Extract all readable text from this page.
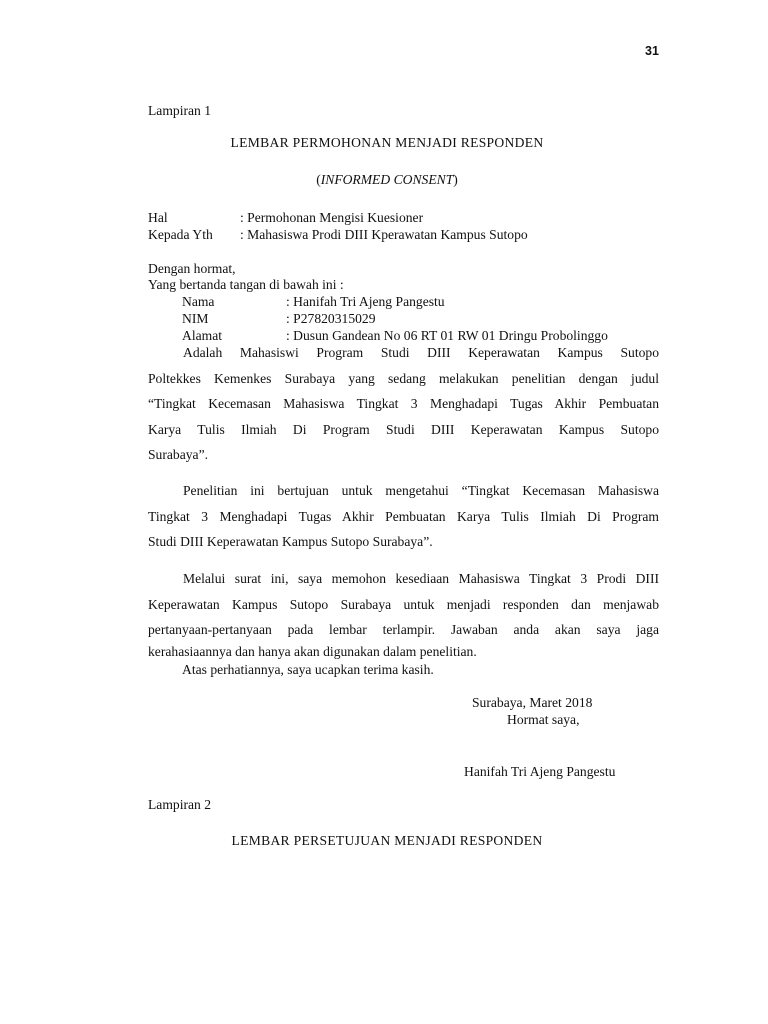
31
Lampiran 1
LEMBAR PERMOHONAN MENJADI RESPONDEN
(INFORMED CONSENT)
Hal	: Permohonan Mengisi Kuesioner
Kepada Yth : Mahasiswa Prodi DIII Kperawatan Kampus Sutopo
Dengan hormat,
Yang bertanda tangan di bawah ini :
Nama	: Hanifah Tri Ajeng Pangestu
NIM	: P27820315029
Alamat	: Dusun Gandean No 06 RT 01 RW 01 Dringu Probolinggo
Adalah Mahasiswi Program Studi DIII Keperawatan Kampus Sutopo
Poltekkes Kemenkes Surabaya yang sedang melakukan penelitian dengan judul
“Tingkat Kecemasan Mahasiswa Tingkat 3 Menghadapi Tugas Akhir Pembuatan
Karya Tulis Ilmiah Di Program Studi DIII Keperawatan Kampus Sutopo
Surabaya”.
Penelitian ini bertujuan untuk mengetahui “Tingkat Kecemasan Mahasiswa
Tingkat 3 Menghadapi Tugas Akhir Pembuatan Karya Tulis Ilmiah Di Program
Studi DIII Keperawatan Kampus Sutopo Surabaya”.
Melalui surat ini, saya memohon kesediaan Mahasiswa Tingkat 3 Prodi DIII
Keperawatan Kampus Sutopo Surabaya untuk menjadi responden dan menjawab
pertanyaan-pertanyaan pada lembar terlampir. Jawaban anda akan saya jaga
kerahasiaannya dan hanya akan digunakan dalam penelitian.
Atas perhatiannya, saya ucapkan terima kasih.
Surabaya, Maret 2018
Hormat saya,
Hanifah Tri Ajeng Pangestu
Lampiran 2
LEMBAR PERSETUJUAN MENJADI RESPONDEN
